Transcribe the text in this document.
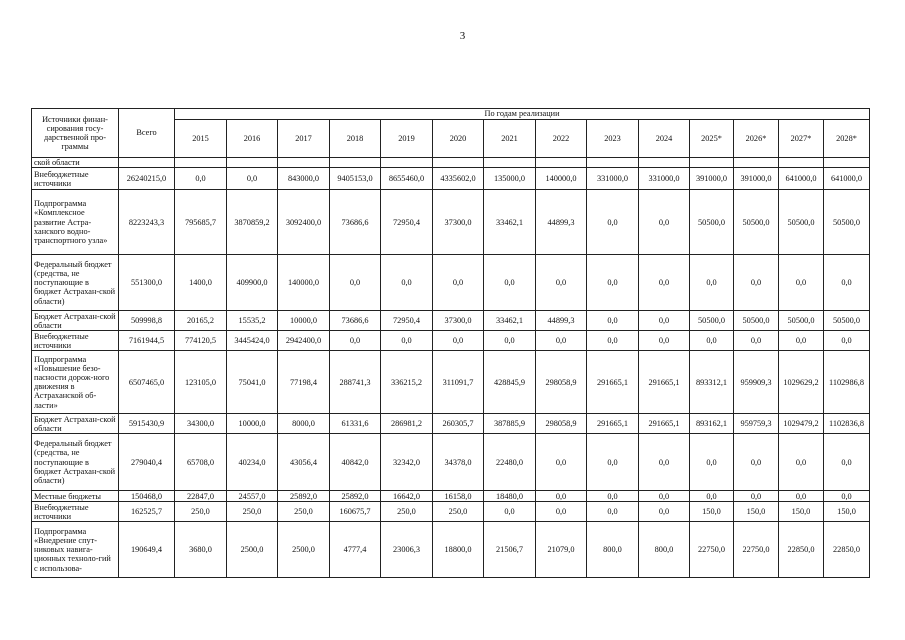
3
Источники финан-сирования госу-дарственной про-граммы	Всего	По годам реализации													
		2015	2016	2017	2018	2019	2020	2021	2022	2023	2024	2025*	2026*	2027*	2028*
ской области															
Внебюджетные источники	26240215,0	0,0	0,0	843000,0	9405153,0	8655460,0	4335602,0	135000,0	140000,0	331000,0	331000,0	391000,0	391000,0	641000,0	641000,0
Подпрограмма «Комплексное развитие Астра-ханского водно-транспортного узла»	8223243,3	795685,7	3870859,2	3092400,0	73686,6	72950,4	37300,0	33462,1	44899,3	0,0	0,0	50500,0	50500,0	50500,0	50500,0
Федеральный бюджет (средства, не поступающие в бюджет Астрахан-ской области)	551300,0	1400,0	409900,0	140000,0	0,0	0,0	0,0	0,0	0,0	0,0	0,0	0,0	0,0	0,0	0,0
Бюджет Астрахан-ской области	509998,8	20165,2	15535,2	10000,0	73686,6	72950,4	37300,0	33462,1	44899,3	0,0	0,0	50500,0	50500,0	50500,0	50500,0
Внебюджетные источники	7161944,5	774120,5	3445424,0	2942400,0	0,0	0,0	0,0	0,0	0,0	0,0	0,0	0,0	0,0	0,0	0,0
Подпрограмма «Повышение безо-пасности дорож-ного движения в Астраханской об-ласти»	6507465,0	123105,0	75041,0	77198,4	288741,3	336215,2	311091,7	428845,9	298058,9	291665,1	291665,1	893312,1	959909,3	1029629,2	1102986,8
Бюджет Астрахан-ской области	5915430,9	34300,0	10000,0	8000,0	61331,6	286981,2	260305,7	387885,9	298058,9	291665,1	291665,1	893162,1	959759,3	1029479,2	1102836,8
Федеральный бюджет (средства, не поступающие в бюджет Астрахан-ской области)	279040,4	65708,0	40234,0	43056,4	40842,0	32342,0	34378,0	22480,0	0,0	0,0	0,0	0,0	0,0	0,0	0,0
Местные бюджеты	150468,0	22847,0	24557,0	25892,0	25892,0	16642,0	16158,0	18480,0	0,0	0,0	0,0	0,0	0,0	0,0	0,0
Внебюджетные источники	162525,7	250,0	250,0	250,0	160675,7	250,0	250,0	0,0	0,0	0,0	0,0	150,0	150,0	150,0	150,0
Подпрограмма «Внедрение спут-никовых навига-ционных техноло-гий с использова-	190649,4	3680,0	2500,0	2500,0	4777,4	23006,3	18800,0	21506,7	21079,0	800,0	800,0	22750,0	22750,0	22850,0	22850,0
